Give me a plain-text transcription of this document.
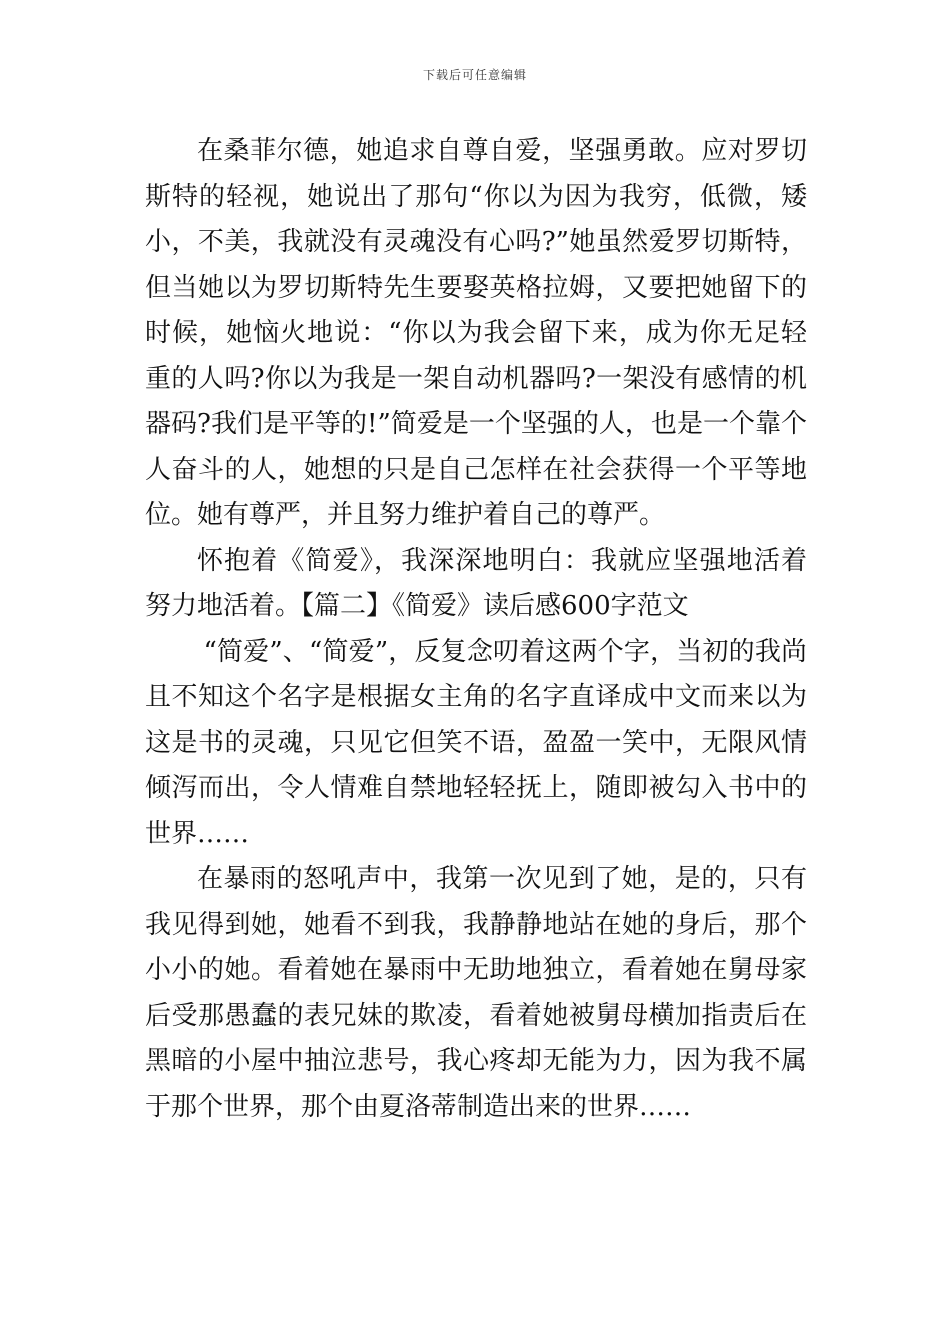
下载后可任意编辑

在桑菲尔德，她追求自尊自爱，坚强勇敢。应对罗切斯特的轻视，她说出了那句“你以为因为我穷，低微，矮小，不美，我就没有灵魂没有心吗?”她虽然爱罗切斯特，但当她以为罗切斯特先生要娶英格拉姆，又要把她留下的时候，她恼火地说：“你以为我会留下来，成为你无足轻重的人吗?你以为我是一架自动机器吗?一架没有感情的机器码?我们是平等的!”简爱是一个坚强的人，也是一个靠个人奋斗的人，她想的只是自己怎样在社会获得一个平等地位。她有尊严，并且努力维护着自己的尊严。

怀抱着《简爱》，我深深地明白：我就应坚强地活着努力地活着。【篇二】《简爱》读后感600字范文

“简爱”、“简爱”，反复念叨着这两个字，当初的我尚且不知这个名字是根据女主角的名字直译成中文而来以为这是书的灵魂，只见它但笑不语，盈盈一笑中，无限风情倾泻而出，令人情难自禁地轻轻抚上，随即被勾入书中的世界……

在暴雨的怒吼声中，我第一次见到了她，是的，只有我见得到她，她看不到我，我静静地站在她的身后，那个小小的她。看着她在暴雨中无助地独立，看着她在舅母家后受那愚蠢的表兄妹的欺凌，看着她被舅母横加指责后在黑暗的小屋中抽泣悲号，我心疼却无能为力，因为我不属于那个世界，那个由夏洛蒂制造出来的世界……
